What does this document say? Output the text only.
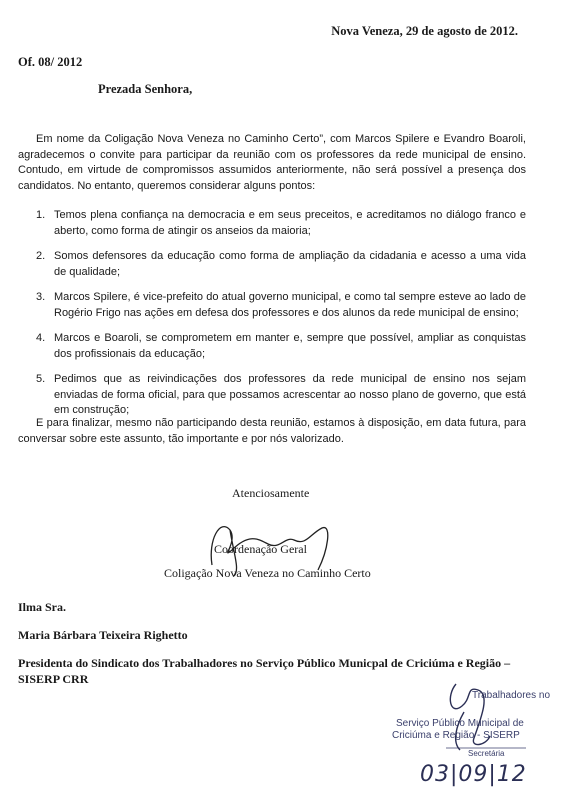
Nova Veneza, 29 de agosto de 2012.
Of. 08/ 2012
Prezada Senhora,

Em nome da Coligação Nova Veneza no Caminho Certo”, com Marcos Spilere e Evandro Boaroli, agradecemos o convite para participar da reunião com os professores da rede municipal de ensino. Contudo, em virtude de compromissos assumidos anteriormente, não será possível a presença dos candidatos. No entanto, queremos considerar alguns pontos:

1. Temos plena confiança na democracia e em seus preceitos, e acreditamos no diálogo franco e aberto, como forma de atingir os anseios da maioria;
2. Somos defensores da educação como forma de ampliação da cidadania e acesso a uma vida de qualidade;
3. Marcos Spilere, é vice-prefeito do atual governo municipal, e como tal sempre esteve ao lado de Rogério Frigo nas ações em defesa dos professores e dos alunos da rede municipal de ensino;
4. Marcos e Boaroli, se comprometem em manter e, sempre que possível, ampliar as conquistas dos profissionais da educação;
5. Pedimos que as reivindicações dos professores da rede municipal de ensino nos sejam enviadas de forma oficial, para que possamos acrescentar ao nosso plano de governo, que está em construção;

E para finalizar, mesmo não participando desta reunião, estamos à disposição, em data futura, para conversar sobre este assunto, tão importante e por nós valorizado.

Atenciosamente
Coordenação Geral
Coligação Nova Veneza no Caminho Certo
Ilma Sra.
Maria Bárbara Teixeira Righetto
Presidenta do Sindicato dos Trabalhadores no Serviço Público Municpal de Criciúma e Região – SISERP CRR
Trabalhadores no
Serviço Público Municipal de
Criciúma e Região - SISERP
Secretária
03|09|12
